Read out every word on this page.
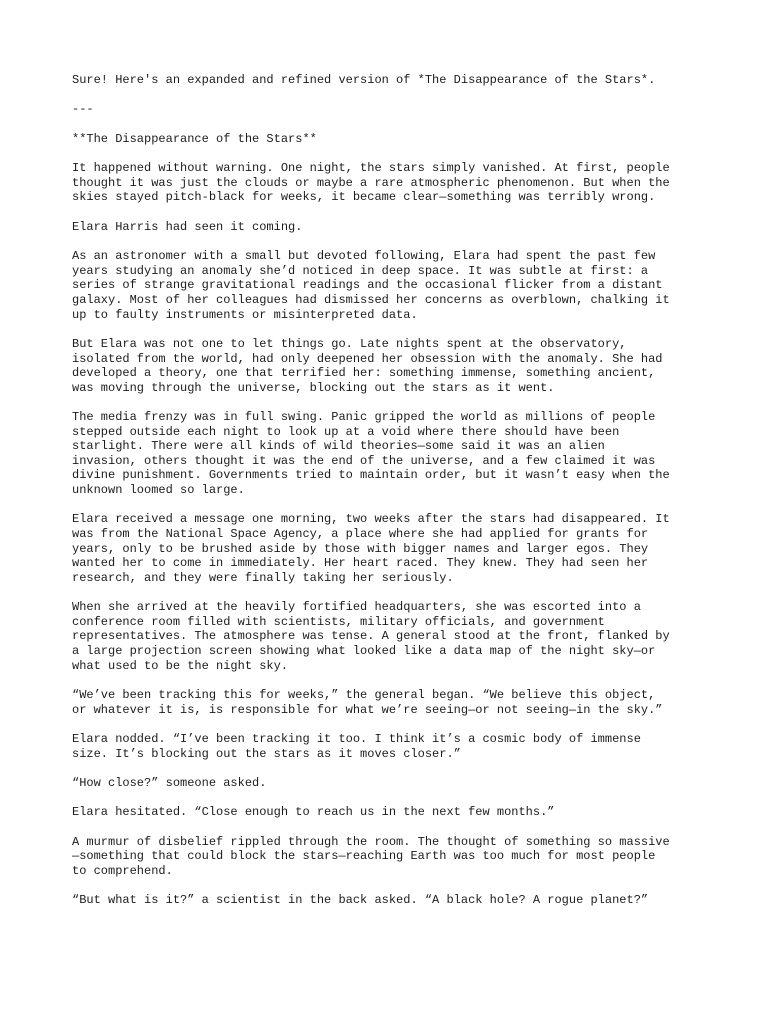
Sure! Here's an expanded and refined version of *The Disappearance of the Stars*.

---

**The Disappearance of the Stars**

It happened without warning. One night, the stars simply vanished. At first, people
thought it was just the clouds or maybe a rare atmospheric phenomenon. But when the
skies stayed pitch-black for weeks, it became clear—something was terribly wrong.

Elara Harris had seen it coming.

As an astronomer with a small but devoted following, Elara had spent the past few
years studying an anomaly she’d noticed in deep space. It was subtle at first: a
series of strange gravitational readings and the occasional flicker from a distant
galaxy. Most of her colleagues had dismissed her concerns as overblown, chalking it
up to faulty instruments or misinterpreted data.

But Elara was not one to let things go. Late nights spent at the observatory,
isolated from the world, had only deepened her obsession with the anomaly. She had
developed a theory, one that terrified her: something immense, something ancient,
was moving through the universe, blocking out the stars as it went.

The media frenzy was in full swing. Panic gripped the world as millions of people
stepped outside each night to look up at a void where there should have been
starlight. There were all kinds of wild theories—some said it was an alien
invasion, others thought it was the end of the universe, and a few claimed it was
divine punishment. Governments tried to maintain order, but it wasn’t easy when the
unknown loomed so large.

Elara received a message one morning, two weeks after the stars had disappeared. It
was from the National Space Agency, a place where she had applied for grants for
years, only to be brushed aside by those with bigger names and larger egos. They
wanted her to come in immediately. Her heart raced. They knew. They had seen her
research, and they were finally taking her seriously.

When she arrived at the heavily fortified headquarters, she was escorted into a
conference room filled with scientists, military officials, and government
representatives. The atmosphere was tense. A general stood at the front, flanked by
a large projection screen showing what looked like a data map of the night sky—or
what used to be the night sky.

“We’ve been tracking this for weeks,” the general began. “We believe this object,
or whatever it is, is responsible for what we’re seeing—or not seeing—in the sky.”

Elara nodded. “I’ve been tracking it too. I think it’s a cosmic body of immense
size. It’s blocking out the stars as it moves closer.”

“How close?” someone asked.

Elara hesitated. “Close enough to reach us in the next few months.”

A murmur of disbelief rippled through the room. The thought of something so massive
—something that could block the stars—reaching Earth was too much for most people
to comprehend.

“But what is it?” a scientist in the back asked. “A black hole? A rogue planet?”
